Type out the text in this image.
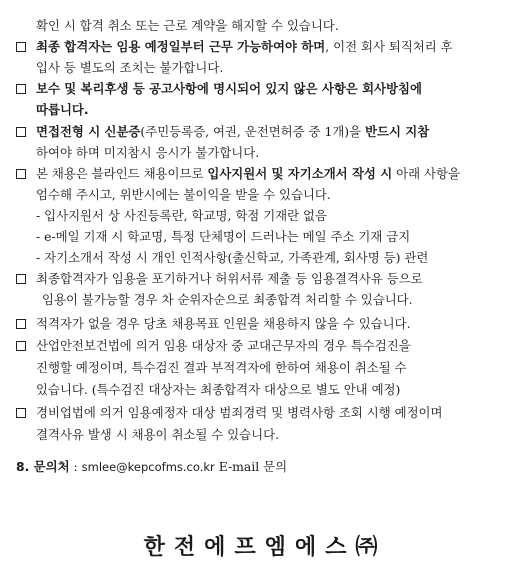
확인 시 합격 취소 또는 근로 계약을 해지할 수 있습니다.
최종 합격자는 임용 예정일부터 근무 가능하여야 하며, 이전 회사 퇴직처리 후
입사 등 별도의 조치는 불가합니다.
보수 및 복리후생 등 공고사항에 명시되어 있지 않은 사항은 회사방침에
따릅니다.
면접전형 시 신분증(주민등록증, 여권, 운전면허증 중 1개)을 반드시 지참
하여야 하며 미지참시 응시가 불가합니다.
본 채용은 블라인드 채용이므로 입사지원서 및 자기소개서 작성 시 아래 사항을
엄수해 주시고, 위반시에는 불이익을 받을 수 있습니다.
- 입사지원서 상 사진등록란, 학교명, 학점 기재란 없음
- e-메일 기재 시 학교명, 특정 단체명이 드러나는 메일 주소 기재 금지
- 자기소개서 작성 시 개인 인적사항(출신학교, 가족관계, 회사명 등) 관련
최종합격자가 임용을 포기하거나 허위서류 제출 등 임용결격사유 등으로
임용이 불가능할 경우 차 순위자순으로 최종합격 처리할 수 있습니다.
적격자가 없을 경우 당초 채용목표 인원을 채용하지 않을 수 있습니다.
산업안전보건법에 의거 임용 대상자 중 교대근무자의 경우 특수검진을
진행할 예정이며, 특수검진 결과 부적격자에 한하여 채용이 취소될 수
있습니다. (특수검진 대상자는 최종합격자 대상으로 별도 안내 예정)
경비업법에 의거 임용예정자 대상 범죄경력 및 병력사항 조회 시행 예정이며
결격사유 발생 시 채용이 취소될 수 있습니다.
8. 문의처 : smlee@kepcofms.co.kr E-mail 문의
한전에프엠에스㈜
